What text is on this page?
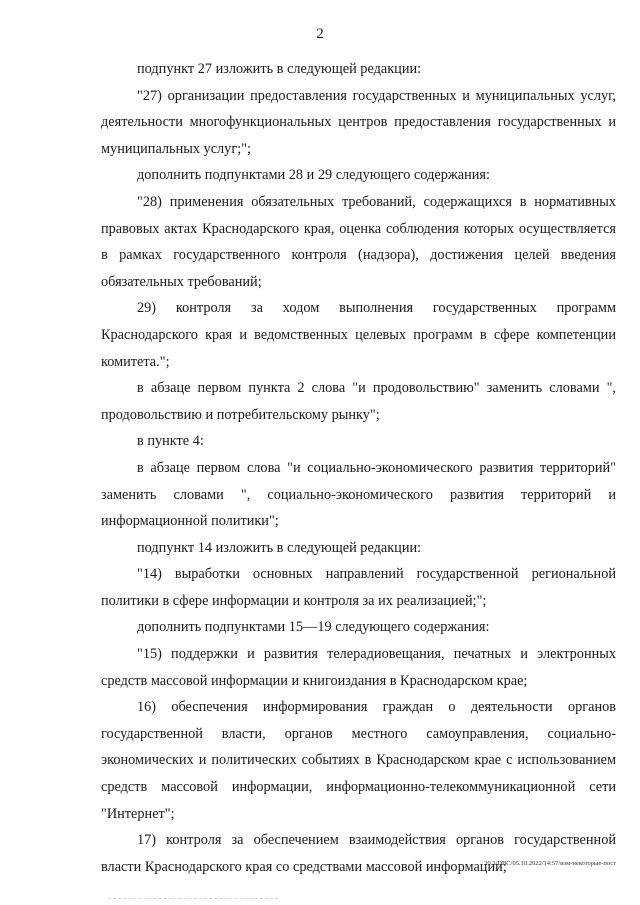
2

подпункт 27 изложить в следующей редакции:

"27) организации предоставления государственных и муниципальных услуг, деятельности многофункциональных центров предоставления государственных и муниципальных услуг;";

дополнить подпунктами 28 и 29 следующего содержания:

"28) применения обязательных требований, содержащихся в нормативных правовых актах Краснодарского края, оценка соблюдения которых осуществляется в рамках государственного контроля (надзора), достижения целей введения обязательных требований;

29) контроля за ходом выполнения государственных программ Краснодарского края и ведомственных целевых программ в сфере компетенции комитета.";

в абзаце первом пункта 2 слова "и продовольствию" заменить словами ", продовольствию и потребительскому рынку";

в пункте 4:

в абзаце первом слова "и социально-экономического развития территорий" заменить словами ", социально-экономического развития территорий и информационной политики";

подпункт 14 изложить в следующей редакции:

"14) выработки основных направлений государственной региональной политики в сфере информации и контроля за их реализацией;";

дополнить подпунктами 15—19 следующего содержания:

"15) поддержки и развития телерадиовещания, печатных и электронных средств массовой информации и книгоиздания в Краснодарском крае;

16) обеспечения информирования граждан о деятельности органов государственной власти, органов местного самоуправления, социально-экономических и политических событиях в Краснодарском крае с использованием средств массовой информации, информационно-телекоммуникационной сети "Интернет";

17) контроля за обеспечением взаимодействия органов государственной власти Краснодарского края со средствами массовой информации;

20.3/DBC/05.10.2022/14:57/изм-некоторые-пост
